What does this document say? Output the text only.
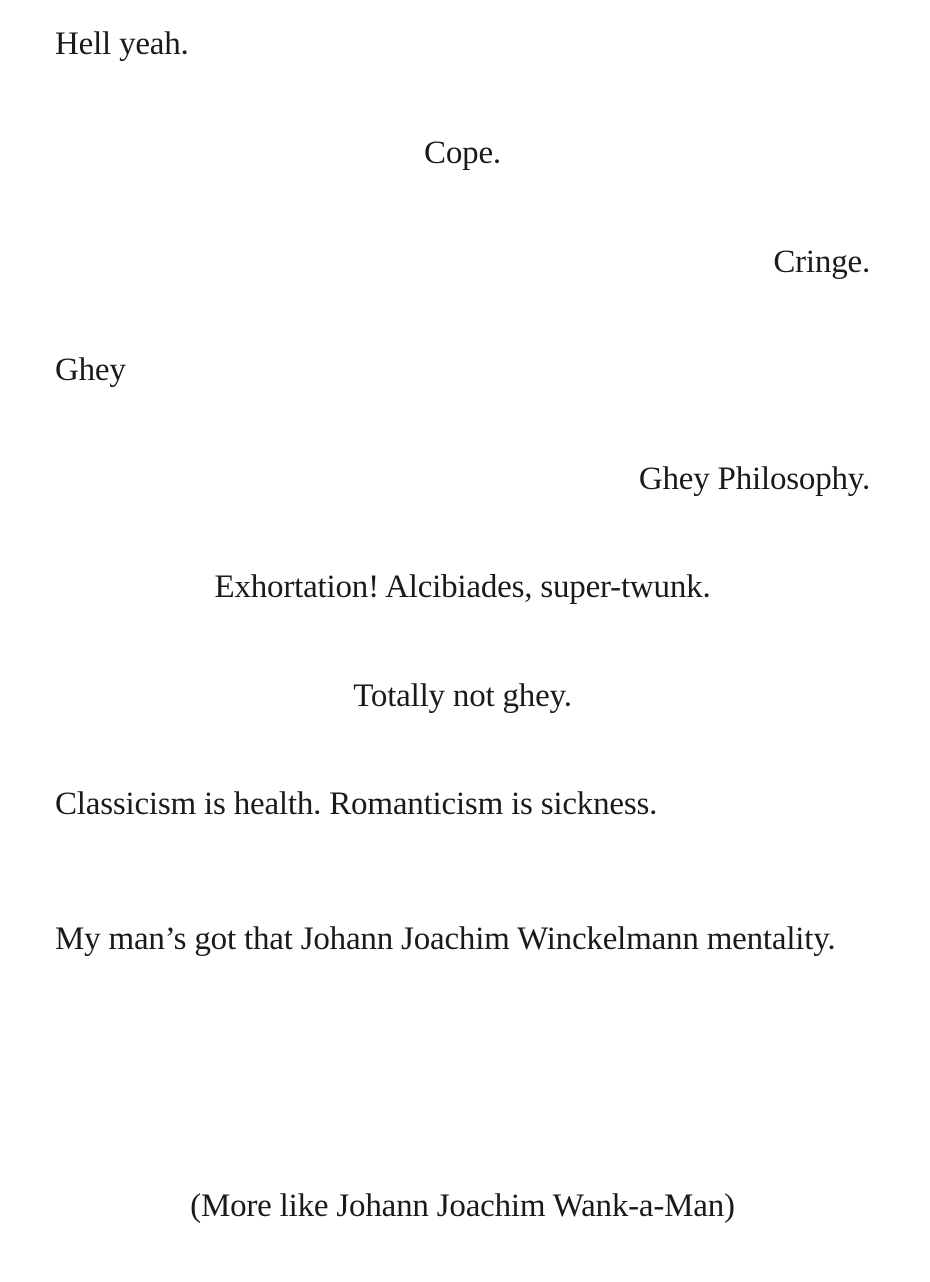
Hell yeah.

Cope.

Cringe.

Ghey

Ghey Philosophy.

Exhortation! Alcibiades, super-twunk.

Totally not ghey.

Classicism is health. Romanticism is sickness.

My man’s got that Johann Joachim Winckelmann mentality.

(More like Johann Joachim Wank-a-Man)
